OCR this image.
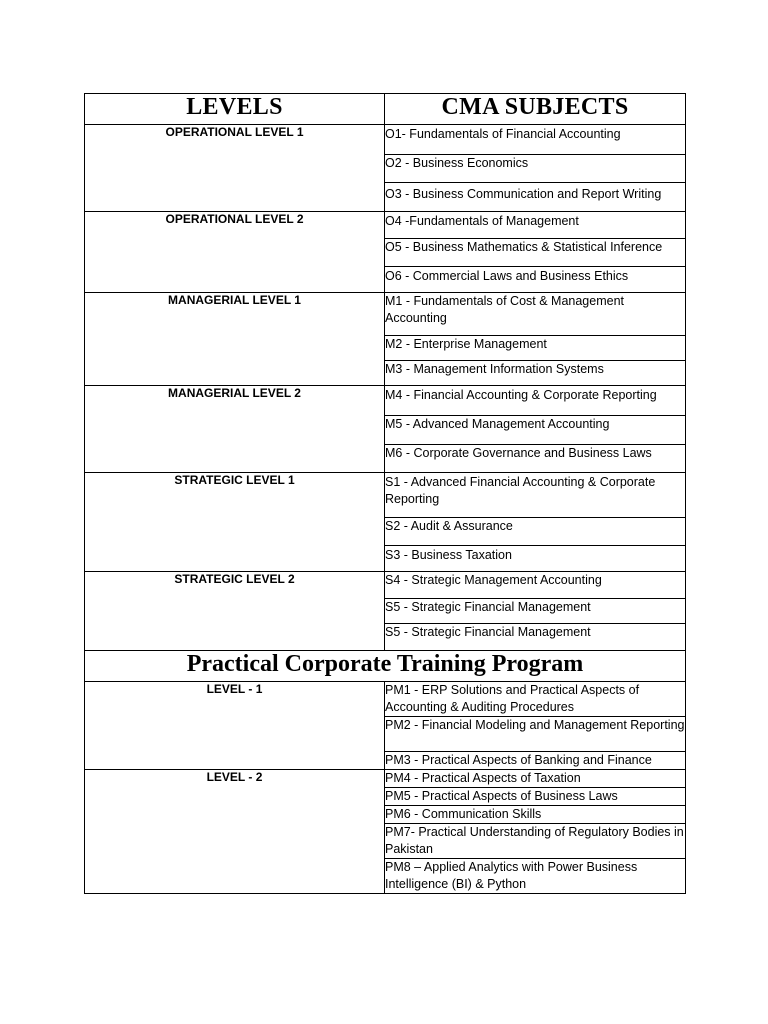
LEVELS	CMA SUBJECTS
OPERATIONAL LEVEL 1	O1- Fundamentals of Financial Accounting
	O2 - Business Economics
	O3 - Business Communication and Report Writing
OPERATIONAL LEVEL 2	O4 -Fundamentals of Management
	O5 - Business Mathematics & Statistical Inference
	O6 - Commercial Laws and Business Ethics
MANAGERIAL LEVEL 1	M1 - Fundamentals of Cost & Management Accounting
	M2 - Enterprise Management
	M3 - Management Information Systems
MANAGERIAL LEVEL 2	M4 - Financial Accounting & Corporate Reporting
	M5 - Advanced Management Accounting
	M6 - Corporate Governance and Business Laws
STRATEGIC LEVEL 1	S1 - Advanced Financial Accounting & Corporate Reporting
	S2 - Audit & Assurance
	S3 - Business Taxation
STRATEGIC LEVEL 2	S4 - Strategic Management Accounting
	S5 - Strategic Financial Management
	S5 - Strategic Financial Management
Practical Corporate Training Program	
LEVEL - 1	PM1 - ERP Solutions and Practical Aspects of Accounting & Auditing Procedures
	PM2 - Financial Modeling and Management Reporting
	PM3 - Practical Aspects of Banking and Finance
LEVEL - 2	PM4 - Practical Aspects of Taxation
	PM5 - Practical Aspects of Business Laws
	PM6 - Communication Skills
	PM7- Practical Understanding of Regulatory Bodies in Pakistan
	PM8 – Applied Analytics with Power Business Intelligence (BI) & Python
